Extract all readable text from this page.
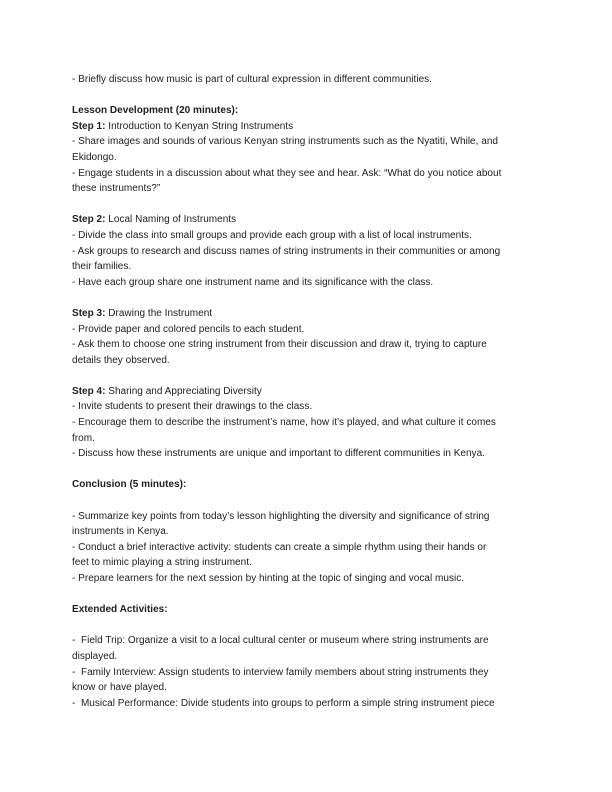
- Briefly discuss how music is part of cultural expression in different communities.
Lesson Development (20 minutes):
Step 1: Introduction to Kenyan String Instruments
- Share images and sounds of various Kenyan string instruments such as the Nyatiti, While, and
Ekidongo.
- Engage students in a discussion about what they see and hear. Ask: “What do you notice about
these instruments?”
Step 2: Local Naming of Instruments
- Divide the class into small groups and provide each group with a list of local instruments.
- Ask groups to research and discuss names of string instruments in their communities or among
their families.
- Have each group share one instrument name and its significance with the class.
Step 3: Drawing the Instrument
- Provide paper and colored pencils to each student.
- Ask them to choose one string instrument from their discussion and draw it, trying to capture
details they observed.
Step 4: Sharing and Appreciating Diversity
- Invite students to present their drawings to the class.
- Encourage them to describe the instrument’s name, how it’s played, and what culture it comes
from.
- Discuss how these instruments are unique and important to different communities in Kenya.
Conclusion (5 minutes):
- Summarize key points from today’s lesson highlighting the diversity and significance of string
instruments in Kenya.
- Conduct a brief interactive activity: students can create a simple rhythm using their hands or
feet to mimic playing a string instrument.
- Prepare learners for the next session by hinting at the topic of singing and vocal music.
Extended Activities:
-  Field Trip: Organize a visit to a local cultural center or museum where string instruments are
displayed.
-  Family Interview: Assign students to interview family members about string instruments they
know or have played.
-  Musical Performance: Divide students into groups to perform a simple string instrument piece
